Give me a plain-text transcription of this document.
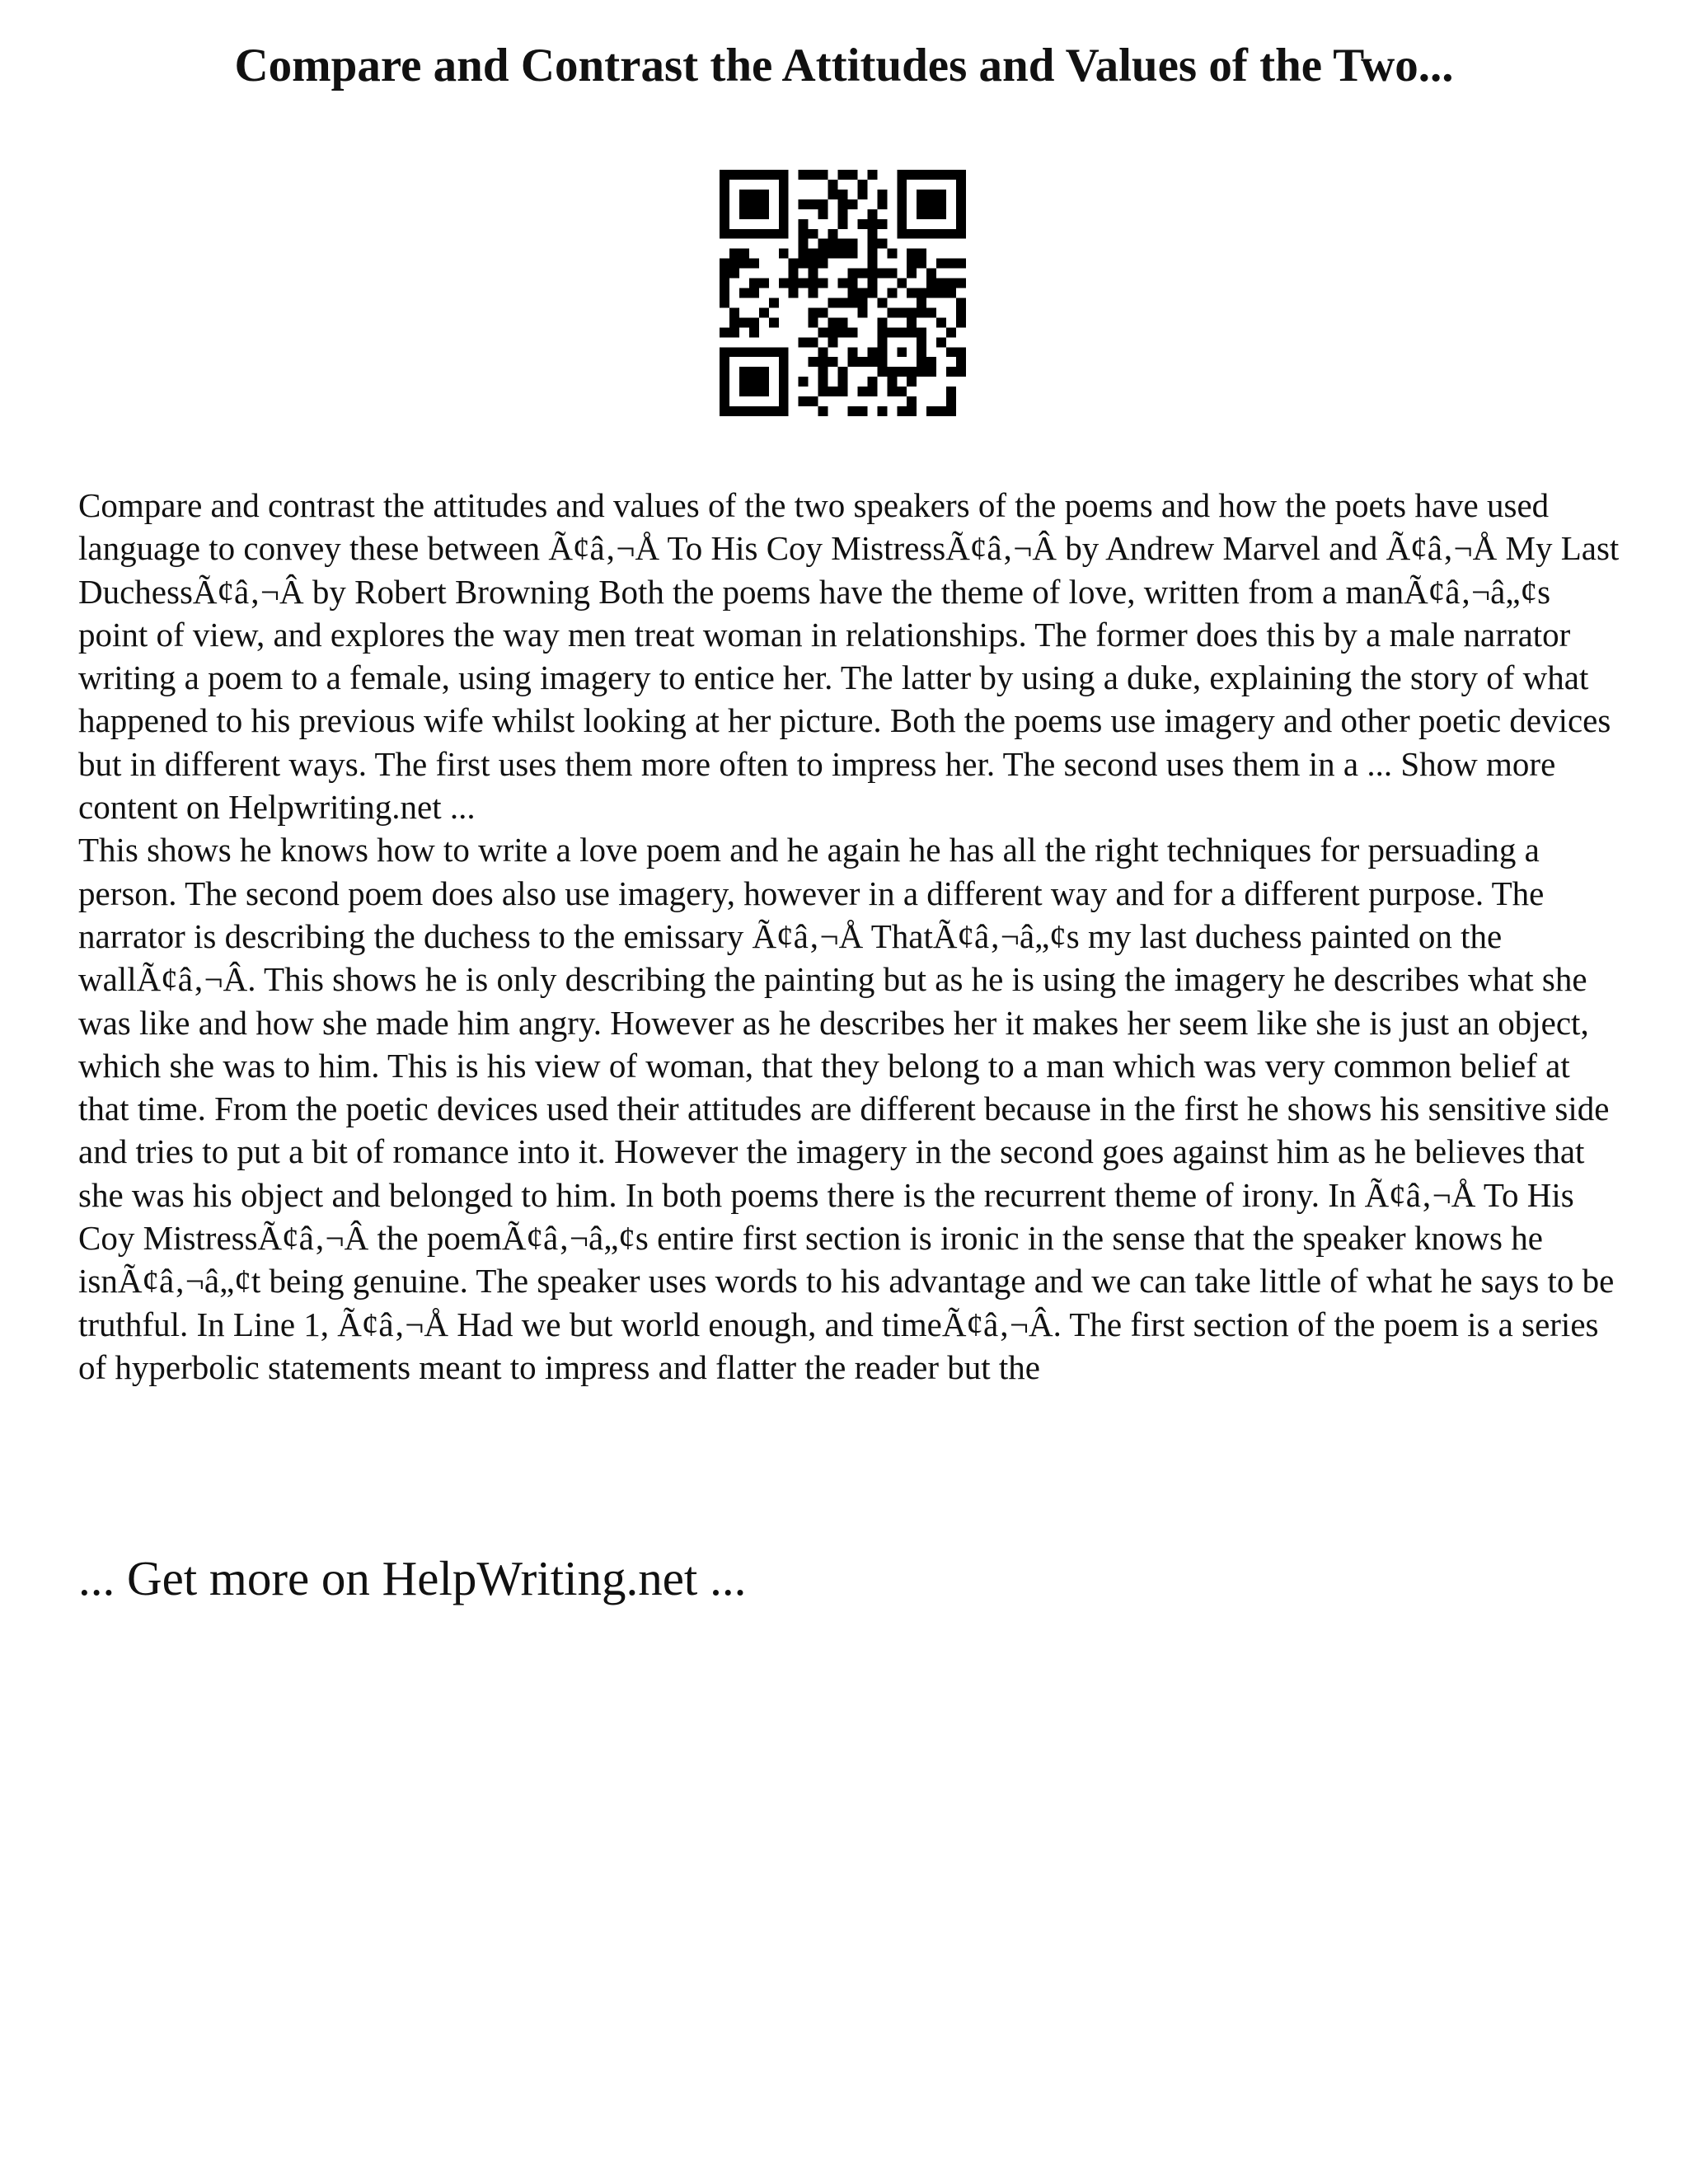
Compare and Contrast the Attitudes and Values of the Two...

Compare and contrast the attitudes and values of the two speakers of the poems and how the poets have used language to convey these between Ã¢â‚¬Å To His Coy MistressÃ¢â‚¬Â by Andrew Marvel and Ã¢â‚¬Å My Last DuchessÃ¢â‚¬Â by Robert Browning Both the poems have the theme of love, written from a manÃ¢â‚¬â„¢s point of view, and explores the way men treat woman in relationships. The former does this by a male narrator writing a poem to a female, using imagery to entice her. The latter by using a duke, explaining the story of what happened to his previous wife whilst looking at her picture. Both the poems use imagery and other poetic devices but in different ways. The first uses them more often to impress her. The second uses them in a ... Show more content on Helpwriting.net ...

This shows he knows how to write a love poem and he again he has all the right techniques for persuading a person. The second poem does also use imagery, however in a different way and for a different purpose. The narrator is describing the duchess to the emissary Ã¢â‚¬Å ThatÃ¢â‚¬â„¢s my last duchess painted on the wallÃ¢â‚¬Â. This shows he is only describing the painting but as he is using the imagery he describes what she was like and how she made him angry. However as he describes her it makes her seem like she is just an object, which she was to him. This is his view of woman, that they belong to a man which was very common belief at that time. From the poetic devices used their attitudes are different because in the first he shows his sensitive side and tries to put a bit of romance into it. However the imagery in the second goes against him as he believes that she was his object and belonged to him. In both poems there is the recurrent theme of irony. In Ã¢â‚¬Å To His Coy MistressÃ¢â‚¬Â the poemÃ¢â‚¬â„¢s entire first section is ironic in the sense that the speaker knows he isnÃ¢â‚¬â„¢t being genuine. The speaker uses words to his advantage and we can take little of what he says to be truthful. In Line 1, Ã¢â‚¬Å Had we but world enough, and timeÃ¢â‚¬Â. The first section of the poem is a series of hyperbolic statements meant to impress and flatter the reader but the

... Get more on HelpWriting.net ...
